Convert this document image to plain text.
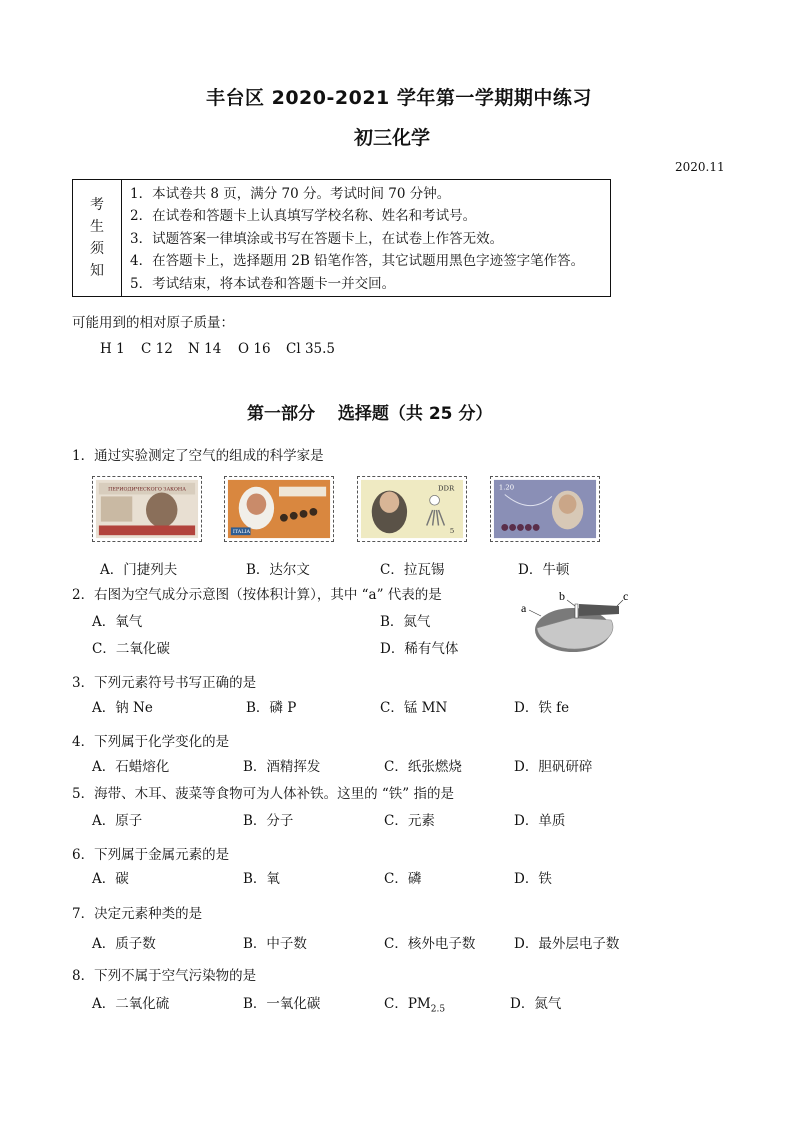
丰台区 2020-2021 学年第一学期期中练习
初三化学
2020.11
考
生
须
知

1．本试卷共 8 页，满分 70 分。考试时间 70 分钟。
2．在试卷和答题卡上认真填写学校名称、姓名和考试号。
3．试题答案一律填涂或书写在答题卡上，在试卷上作答无效。
4．在答题卡上，选择题用 2B 铅笔作答，其它试题用黑色字迹签字笔作答。
5．考试结束，将本试卷和答题卡一并交回。
可能用到的相对原子质量：
H 1 C 12 N 14 O 16 Cl 35.5
第一部分　 选择题（共 25 分）
1．通过实验测定了空气的组成的科学家是
ПЕРИОДИЧЕСКОГО ЗАКОНА
ITALIA
DDR
5
1.20
A．门捷列夫	B．达尔文	C．拉瓦锡	D．牛顿
2．右图为空气成分示意图（按体积计算），其中 “a” 代表的是
A．氧气	B．氮气
C．二氧化碳	D．稀有气体
a
b	c
3．下列元素符号书写正确的是
A．钠 Ne	B．磷 P	C．锰 MN	D．铁 fe
4．下列属于化学变化的是
A．石蜡熔化	B．酒精挥发	C．纸张燃烧	D．胆矾研碎
5．海带、木耳、菠菜等食物可为人体补铁。这里的 “铁” 指的是
A．原子	B．分子	C．元素	D．单质
6．下列属于金属元素的是
A．碳	B．氧	C．磷	D．铁
7．决定元素种类的是
A．质子数	B．中子数	C．核外电子数	D．最外层电子数
8．下列不属于空气污染物的是
A．二氧化硫	B．一氧化碳	C．$PM_{2.5}$	D．氮气
